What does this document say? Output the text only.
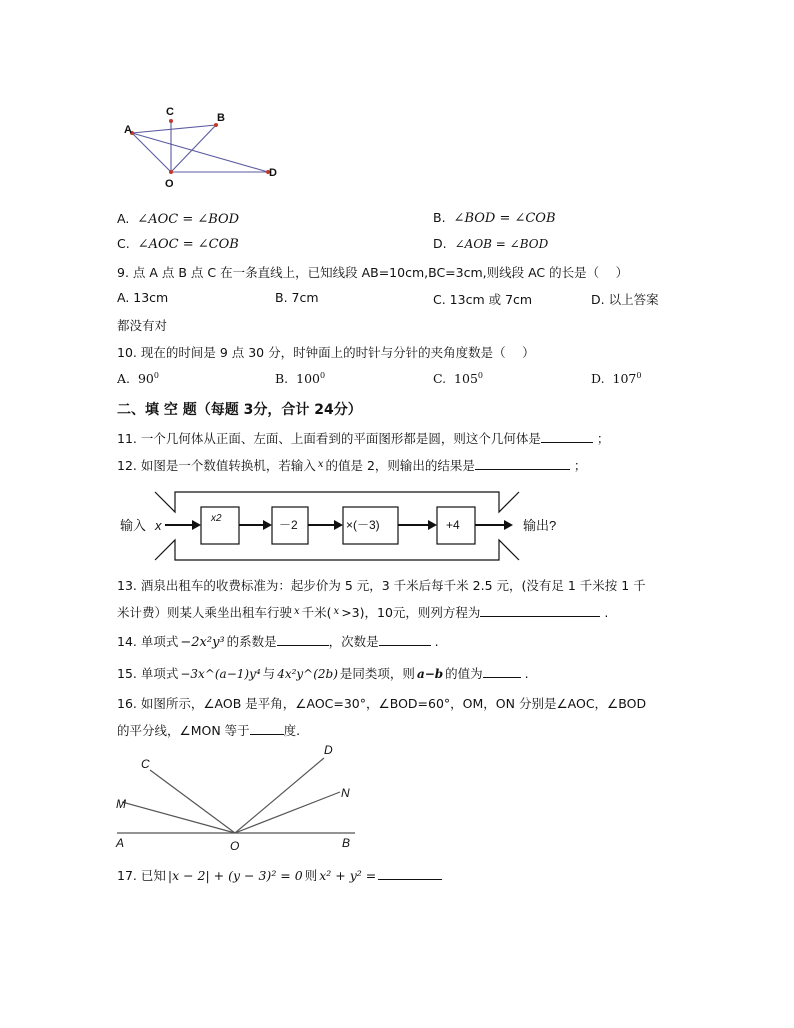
A
C	B
O
D
A. ∠AOC = ∠BOD	B. ∠BOD = ∠COB
C. ∠AOC = ∠COB	D. ∠AOB = ∠BOD
9. 点 A 点 B 点 C 在一条直线上，已知线段 AB=10cm,BC=3cm,则线段 AC 的长是（　 ）
A. 13cm	B. 7cm	C. 13cm 或 7cm	D. 以上答案
都没有对
10. 现在的时间是 9 点 30 分，时钟面上的时针与分针的夹角度数是（　 ）
A. $90^0$	B. $100^0$	C. $105^0$	D. $107^0$
二、填 空 题（每题 3分，合计 24分）
11. 一个几何体从正面、左面、上面看到的平面图形都是圆，则这个几何体是	；
12. 如图是一个数值转换机，若输入 $^x$ 的值是 2，则输出的结果是	；
输入 x	x2	－2	×(－3)	+4	输出?
13. 酒泉出租车的收费标准为：起步价为 5 元，3 千米后每千米 2.5 元，(没有足 1 千米按 1 千
米计费）则某人乘坐出租车行驶 $^x$ 千米( $^x$ >3)，10元，则列方程为	.
14. 单项式 −2x²y³ 的系数是	，次数是	.
15. 单项式 −3x^(a−1)y⁴ 与 4x²y^(2b) 是同类项，则 a−b 的值为	.
16. 如图所示，∠AOB 是平角，∠AOC=30°，∠BOD=60°，OM，ON 分别是∠AOC，∠BOD
的平分线，∠MON 等于	度.
C
D
M
N
A	O	B
17. 已知 |x − 2| + (y − 3)² = 0 则 x² + y² =
